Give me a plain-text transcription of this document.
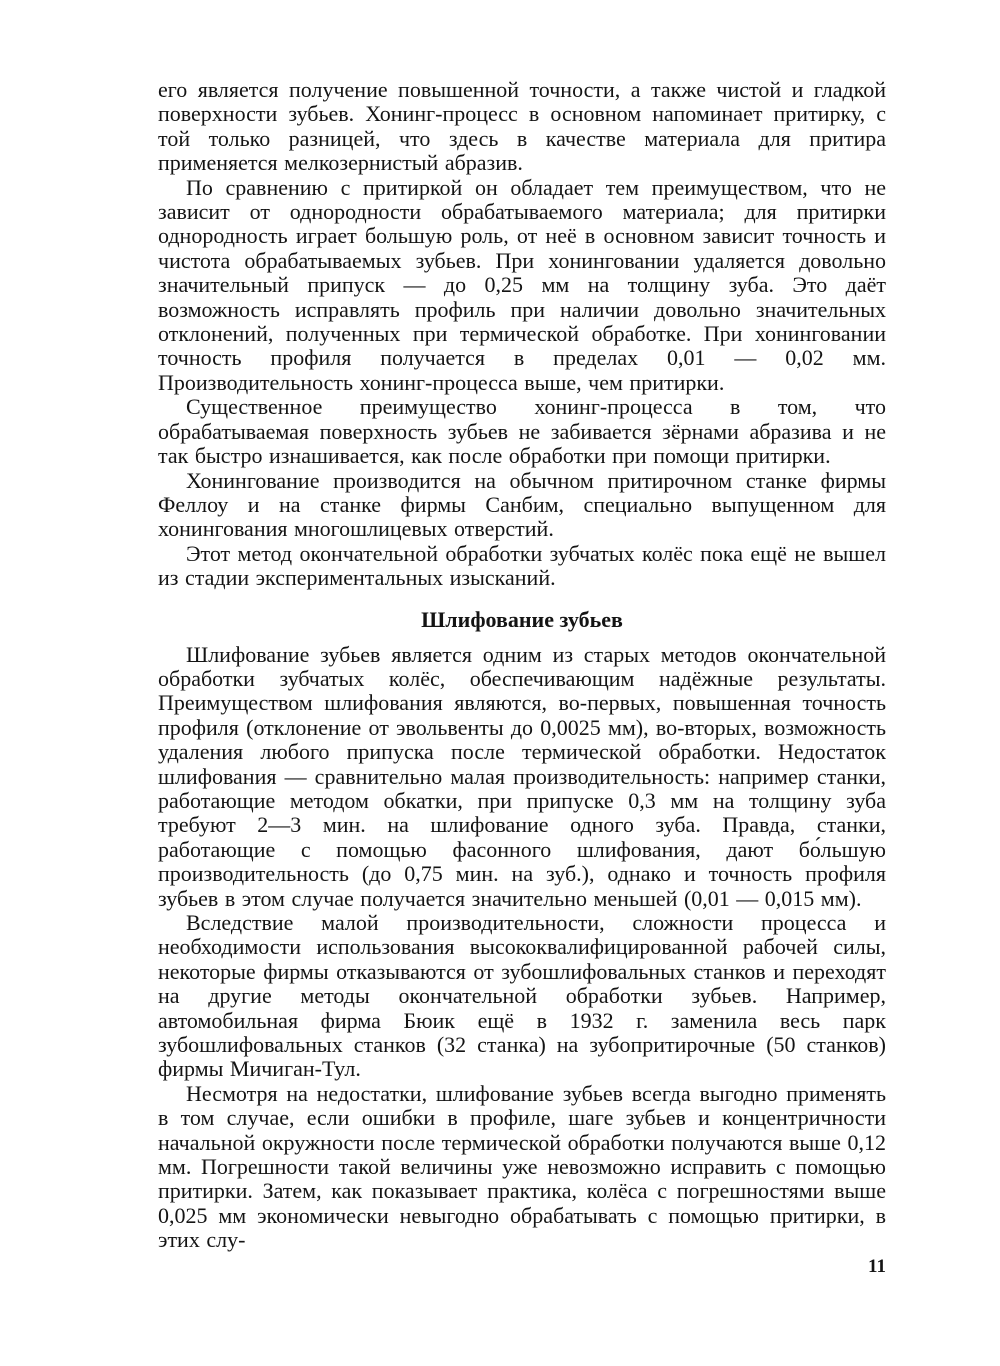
его является получение повышенной точности, а также чистой и гладкой поверхности зубьев. Хонинг-процесс в основном напоминает притирку, с той только разницей, что здесь в качестве материала для притира применяется мелкозернистый абразив.

По сравнению с притиркой он обладает тем преимуществом, что не зависит от однородности обрабатываемого материала; для притирки однородность играет большую роль, от неё в основном зависит точность и чистота обрабатываемых зубьев. При хонинговании удаляется довольно значительный припуск — до 0,25 мм на толщину зуба. Это даёт возможность исправлять профиль при наличии довольно значительных отклонений, полученных при термической обработке. При хонинговании точность профиля получается в пределах 0,01 — 0,02 мм. Производительность хонинг-процесса выше, чем притирки.

Существенное преимущество хонинг-процесса в том, что обрабатываемая поверхность зубьев не забивается зёрнами абразива и не так быстро изнашивается, как после обработки при помощи притирки.

Хонингование производится на обычном притирочном станке фирмы Феллоу и на станке фирмы Санбим, специально выпущенном для хонингования многошлицевых отверстий.

Этот метод окончательной обработки зубчатых колёс пока ещё не вышел из стадии экспериментальных изысканий.

Шлифование зубьев

Шлифование зубьев является одним из старых методов окончательной обработки зубчатых колёс, обеспечивающим надёжные результаты. Преимуществом шлифования являются, во-первых, повышенная точность профиля (отклонение от эвольвенты до 0,0025 мм), во-вторых, возможность удаления любого припуска после термической обработки. Недостаток шлифования — сравнительно малая производительность: например станки, работающие методом обкатки, при припуске 0,3 мм на толщину зуба требуют 2—3 мин. на шлифование одного зуба. Правда, станки, работающие с помощью фасонного шлифования, дают бо́льшую производительность (до 0,75 мин. на зуб.), однако и точность профиля зубьев в этом случае получается значительно меньшей (0,01 — 0,015 мм).

Вследствие малой производительности, сложности процесса и необходимости использования высококвалифицированной рабочей силы, некоторые фирмы отказываются от зубошлифовальных станков и переходят на другие методы окончательной обработки зубьев. Например, автомобильная фирма Бюик ещё в 1932 г. заменила весь парк зубошлифовальных станков (32 станка) на зубопритирочные (50 станков) фирмы Мичиган-Тул.

Несмотря на недостатки, шлифование зубьев всегда выгодно применять в том случае, если ошибки в профиле, шаге зубьев и концентричности начальной окружности после термической обработки получаются выше 0,12 мм. Погрешности такой величины уже невозможно исправить с помощью притирки. Затем, как показывает практика, колёса с погрешностями выше 0,025 мм экономически невыгодно обрабатывать с помощью притирки, в этих слу-

11
